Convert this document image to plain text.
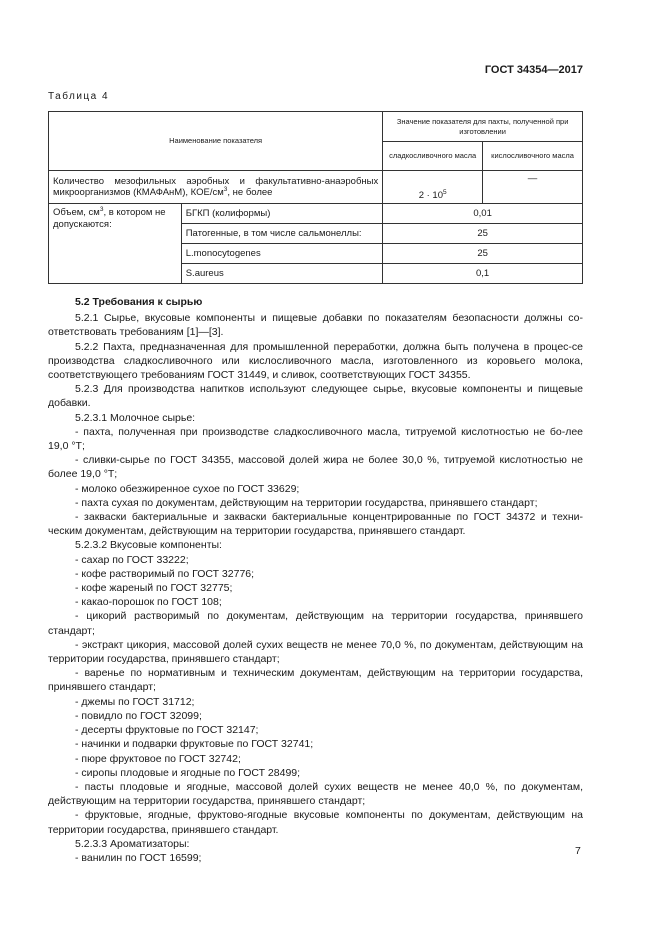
ГОСТ 34354—2017
Таблица 4
Наименование показателя		Значение показателя для пахты, полученной при изготовлении	
		сладкосливочного масла	кислосливочного масла
Количество мезофильных аэробных и факультативно-анаэробных микроорганизмов (КМАФАнМ), КОЕ/$см^3$, не более		$2 \cdot 10^5$	—
Объем, $см^3$, в котором не допускаются:	БГКП (колиформы)	0,01	
	Патогенные, в том числе сальмонеллы:	25	
	L.monocytogenes	25	
	S.aureus	0,1	

5.2 Требования к сырью

5.2.1 Сырье, вкусовые компоненты и пищевые добавки по показателям безопасности должны со-ответствовать требованиям [1]—[3].

5.2.2 Пахта, предназначенная для промышленной переработки, должна быть получена в процес-се производства сладкосливочного или кислосливочного масла, изготовленного из коровьего молока, соответствующего требованиям ГОСТ 31449, и сливок, соответствующих ГОСТ 34355.

5.2.3 Для производства напитков используют следующее сырье, вкусовые компоненты и пищевые добавки.

5.2.3.1 Молочное сырье:

- пахта, полученная при производстве сладкосливочного масла, титруемой кислотностью не бо-лее 19,0 °Т;

- сливки-сырье по ГОСТ 34355, массовой долей жира не более 30,0 %, титруемой кислотностью не более 19,0 °Т;

- молоко обезжиренное сухое по ГОСТ 33629;

- пахта сухая по документам, действующим на территории государства, принявшего стандарт;

- закваски бактериальные и закваски бактериальные концентрированные по ГОСТ 34372 и техни-ческим документам, действующим на территории государства, принявшего стандарт.

5.2.3.2 Вкусовые компоненты:

- сахар по ГОСТ 33222;

- кофе растворимый по ГОСТ 32776;

- кофе жареный по ГОСТ 32775;

- какао-порошок по ГОСТ 108;

- цикорий растворимый по документам, действующим на территории государства, принявшего стандарт;

- экстракт цикория, массовой долей сухих веществ не менее 70,0 %, по документам, действующим на территории государства, принявшего стандарт;

- варенье по нормативным и техническим документам, действующим на территории государства, принявшего стандарт;

- джемы по ГОСТ 31712;

- повидло по ГОСТ 32099;

- десерты фруктовые по ГОСТ 32147;

- начинки и подварки фруктовые по ГОСТ 32741;

- пюре фруктовое по ГОСТ 32742;

- сиропы плодовые и ягодные по ГОСТ 28499;

- пасты плодовые и ягодные, массовой долей сухих веществ не менее 40,0 %, по документам, действующим на территории государства, принявшего стандарт;

- фруктовые, ягодные, фруктово-ягодные вкусовые компоненты по документам, действующим на территории государства, принявшего стандарт.

5.2.3.3 Ароматизаторы:

- ванилин по ГОСТ 16599;

7
